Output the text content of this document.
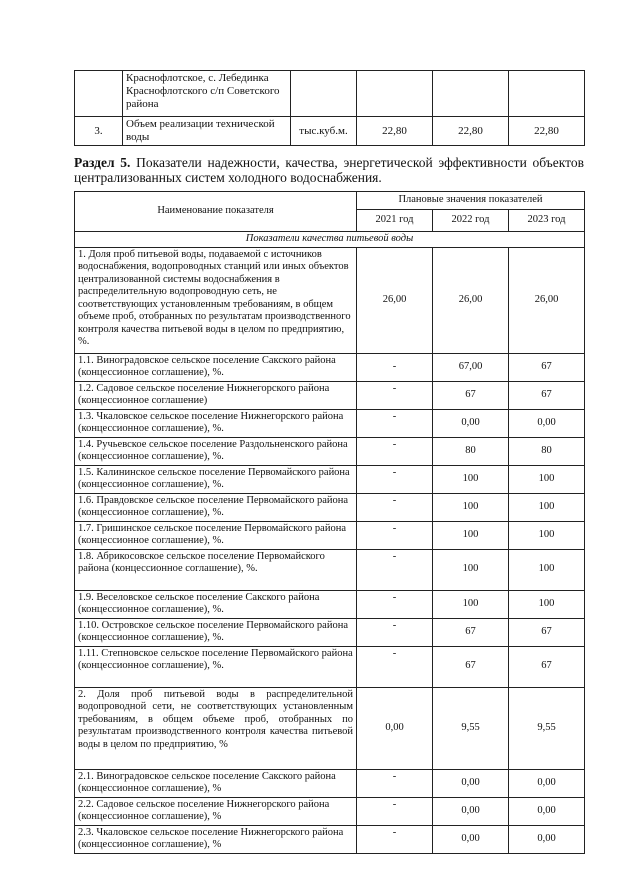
	Краснофлотское, с. Лебединка Краснофлотского с/п Советского района				
3.	Объем реализации технической воды	тыс.куб.м.	22,80	22,80	22,80
Раздел 5. Показатели надежности, качества, энергетической эффективности объектов централизованных систем холодного водоснабжения.
Наименование показателя	Плановые значения показателей		
	2021 год	2022 год	2023 год
Показатели качества питьевой воды			
1. Доля проб питьевой воды, подаваемой с источников водоснабжения, водопроводных станций или иных объектов централизованной системы водоснабжения в распределительную водопроводную сеть, не соответствующих установленным требованиям, в общем объеме проб, отобранных по результатам производственного контроля качества питьевой воды в целом по предприятию, %.	26,00	26,00	26,00
1.1. Виноградовское сельское поселение Сакского района (концессионное соглашение), %.	-	67,00	67
1.2. Садовое сельское поселение Нижнегорского района (концессионное соглашение)	-	67	67
1.3. Чкаловское сельское поселение Нижнегорского района (концессионное соглашение), %.	-	0,00	0,00
1.4. Ручьевское сельское поселение Раздольненского района (концессионное соглашение), %.	-	80	80
1.5. Калининское сельское поселение Первомайского района (концессионное соглашение), %.	-	100	100
1.6. Правдовское сельское поселение Первомайского района (концессионное соглашение), %.	-	100	100
1.7. Гришинское сельское поселение Первомайского района (концессионное соглашение), %.	-	100	100
1.8. Абрикосовское сельское поселение Первомайского района (концессионное соглашение), %.	-	100	100
1.9. Веселовское сельское поселение Сакского района (концессионное соглашение), %.	-	100	100
1.10. Островское сельское поселение Первомайского района (концессионное соглашение), %.	-	67	67
1.11. Степновское сельское поселение Первомайского района (концессионное соглашение), %.	-	67	67
2. Доля проб питьевой воды в распределительной водопроводной сети, не соответствующих установленным требованиям, в общем объеме проб, отобранных по результатам производственного контроля качества питьевой воды в целом по предприятию, %	0,00	9,55	9,55
2.1. Виноградовское сельское поселение Сакского района (концессионное соглашение), %	-	0,00	0,00
2.2. Садовое сельское поселение Нижнегорского района (концессионное соглашение), %	-	0,00	0,00
2.3. Чкаловское сельское поселение Нижнегорского района (концессионное соглашение), %	-	0,00	0,00
